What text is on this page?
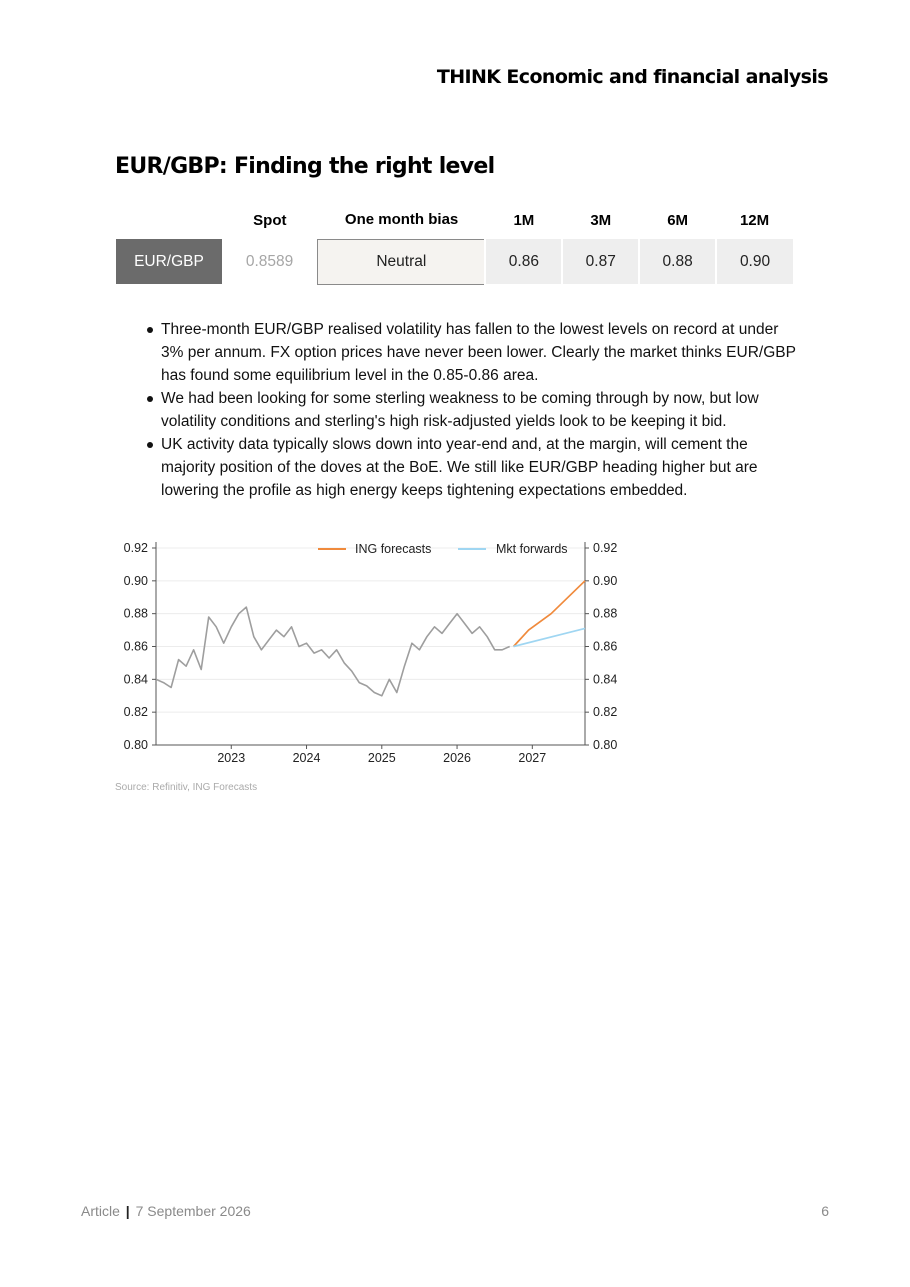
THINK Economic and financial analysis
EUR/GBP: Finding the right level
	Spot	One month bias	1M	3M	6M	12M
EUR/GBP	0.8589	Neutral	0.86	0.87	0.88	0.90
Three-month EUR/GBP realised volatility has fallen to the lowest levels on record at under 3% per annum. FX option prices have never been lower. Clearly the market thinks EUR/GBP has found some equilibrium level in the 0.85-0.86 area.
We had been looking for some sterling weakness to be coming through by now, but low volatility conditions and sterling's high risk-adjusted yields look to be keeping it bid.
UK activity data typically slows down into year-end and, at the margin, will cement the majority position of the doves at the BoE. We still like EUR/GBP heading higher but are lowering the profile as high energy keeps tightening expectations embedded.
0.80	0.80
0.82	0.82
0.84	0.84
0.86	0.86
0.88	0.88
0.90	0.90
0.92	0.92
2023	2024	2025	2026	2027
ING forecasts	Mkt forwards
Source: Refinitiv, ING Forecasts
Article | 7 September 2026	6
